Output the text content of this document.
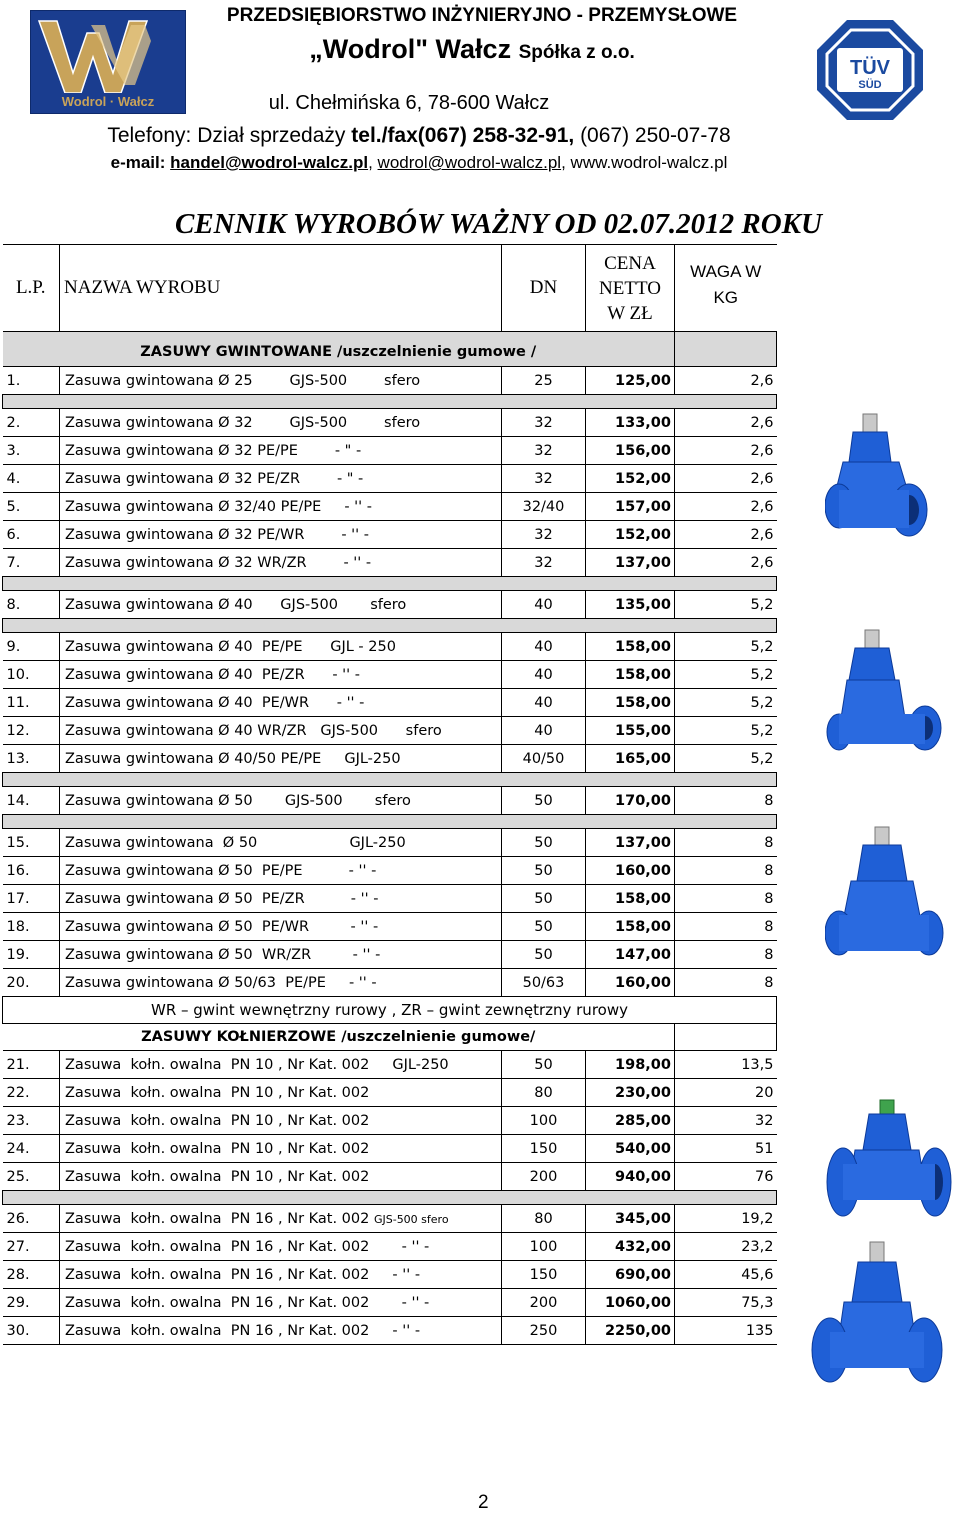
Wodrol · Wałcz
TÜV
SÜD
PRZEDSIĘBIORSTWO INŻYNIERYJNO - PRZEMYSŁOWE
„Wodrol" Wałcz Spółka z o.o.
ul. Chełmińska 6, 78-600 Wałcz
Telefony: Dział sprzedaży tel./fax(067) 258-32-91, (067) 250-07-78
e-mail: handel@wodrol-walcz.pl, wodrol@wodrol-walcz.pl, www.wodrol-walcz.pl
CENNIK WYROBÓW WAŻNY OD 02.07.2012 ROKU
L.P.	NAZWA WYROBU	DN	CENA
NETTO
W ZŁ	WAGA W KG
ZASUWY GWINTOWANE /uszczelnienie gumowe /				
1.	Zasuwa gwintowana Ø 25        GJS-500        sfero	25	125,00	2,6

2.	Zasuwa gwintowana Ø 32        GJS-500        sfero	32	133,00	2,6
3.	Zasuwa gwintowana Ø 32 PE/PE        - " -	32	156,00	2,6
4.	Zasuwa gwintowana Ø 32 PE/ZR        - " -	32	152,00	2,6
5.	Zasuwa gwintowana Ø 32/40 PE/PE     - '' -	32/40	157,00	2,6
6.	Zasuwa gwintowana Ø 32 PE/WR        - '' -	32	152,00	2,6
7.	Zasuwa gwintowana Ø 32 WR/ZR        - '' -	32	137,00	2,6

8.	Zasuwa gwintowana Ø 40      GJS-500       sfero	40	135,00	5,2

9.	Zasuwa gwintowana Ø 40  PE/PE      GJL - 250	40	158,00	5,2
10.	Zasuwa gwintowana Ø 40  PE/ZR      - '' -	40	158,00	5,2
11.	Zasuwa gwintowana Ø 40  PE/WR      - '' -	40	158,00	5,2
12.	Zasuwa gwintowana Ø 40 WR/ZR   GJS-500      sfero	40	155,00	5,2
13.	Zasuwa gwintowana Ø 40/50 PE/PE     GJL-250	40/50	165,00	5,2

14.	Zasuwa gwintowana Ø 50       GJS-500       sfero	50	170,00	8

15.	Zasuwa gwintowana  Ø 50                    GJL-250	50	137,00	8
16.	Zasuwa gwintowana Ø 50  PE/PE          - '' -	50	160,00	8
17.	Zasuwa gwintowana Ø 50  PE/ZR          - '' -	50	158,00	8
18.	Zasuwa gwintowana Ø 50  PE/WR         - '' -	50	158,00	8
19.	Zasuwa gwintowana Ø 50  WR/ZR         - '' -	50	147,00	8
20.	Zasuwa gwintowana Ø 50/63  PE/PE     - '' -	50/63	160,00	8
WR – gwint wewnętrzny rurowy , ZR – gwint zewnętrzny rurowy				
ZASUWY KOŁNIERZOWE /uszczelnienie gumowe/				
21.	Zasuwa  kołn. owalna  PN 10 , Nr Kat. 002     GJL-250	50	198,00	13,5
22.	Zasuwa  kołn. owalna  PN 10 , Nr Kat. 002	80	230,00	20
23.	Zasuwa  kołn. owalna  PN 10 , Nr Kat. 002	100	285,00	32
24.	Zasuwa  kołn. owalna  PN 10 , Nr Kat. 002	150	540,00	51
25.	Zasuwa  kołn. owalna  PN 10 , Nr Kat. 002	200	940,00	76

26.	Zasuwa  kołn. owalna  PN 16 , Nr Kat. 002 GJS-500 sfero	80	345,00	19,2
27.	Zasuwa  kołn. owalna  PN 16 , Nr Kat. 002       - '' -	100	432,00	23,2
28.	Zasuwa  kołn. owalna  PN 16 , Nr Kat. 002     - '' -	150	690,00	45,6
29.	Zasuwa  kołn. owalna  PN 16 , Nr Kat. 002       - '' -	200	1060,00	75,3
30.	Zasuwa  kołn. owalna  PN 16 , Nr Kat. 002     - '' -	250	2250,00	135
2
